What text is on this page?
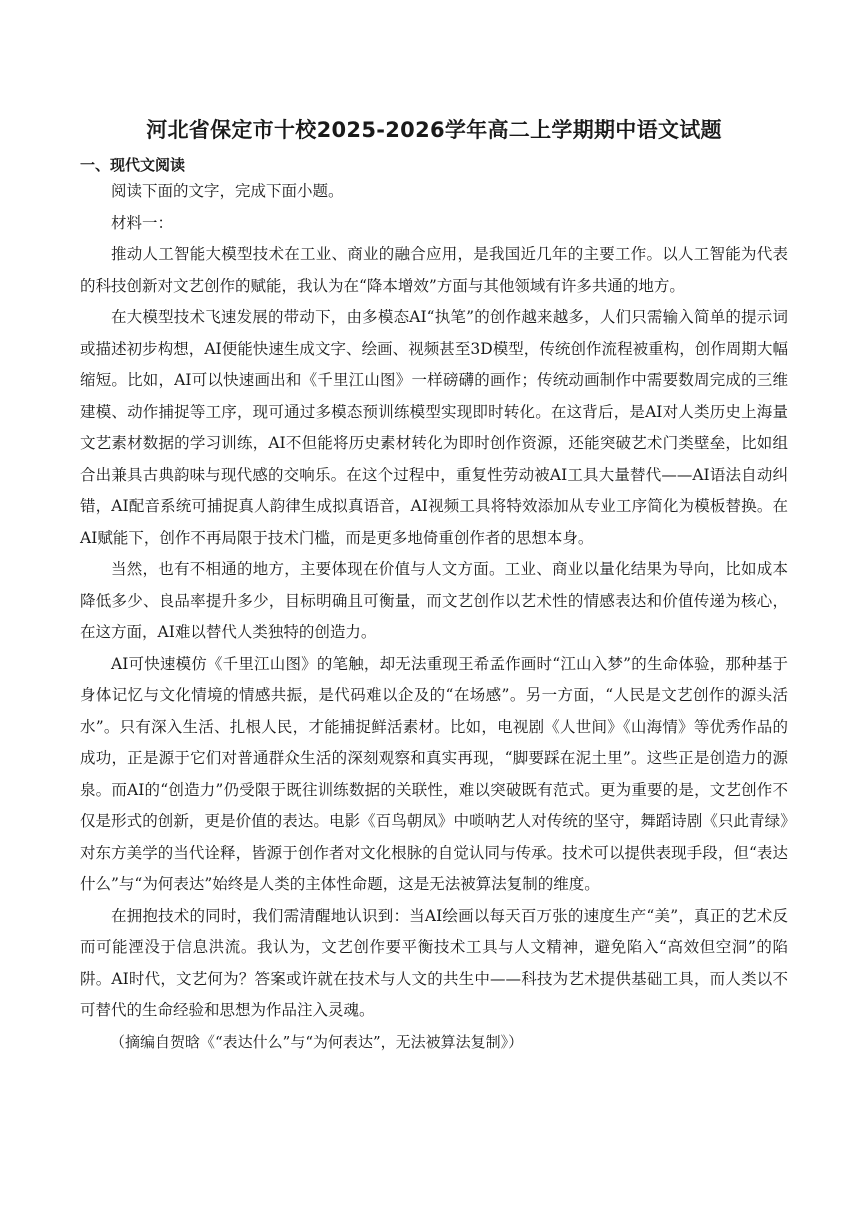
河北省保定市十校2025-2026学年高二上学期期中语文试题
一、现代文阅读

阅读下面的文字，完成下面小题。

材料一：

推动人工智能大模型技术在工业、商业的融合应用，是我国近几年的主要工作。以人工智能为代表的科技创新对文艺创作的赋能，我认为在“降本增效”方面与其他领域有许多共通的地方。

在大模型技术飞速发展的带动下，由多模态AI“执笔”的创作越来越多，人们只需输入简单的提示词或描述初步构想，AI便能快速生成文字、绘画、视频甚至3D模型，传统创作流程被重构，创作周期大幅缩短。比如，AI可以快速画出和《千里江山图》一样磅礴的画作；传统动画制作中需要数周完成的三维建模、动作捕捉等工序，现可通过多模态预训练模型实现即时转化。在这背后，是AI对人类历史上海量文艺素材数据的学习训练，AI不但能将历史素材转化为即时创作资源，还能突破艺术门类壁垒，比如组合出兼具古典韵味与现代感的交响乐。在这个过程中，重复性劳动被AI工具大量替代——AI语法自动纠错，AI配音系统可捕捉真人韵律生成拟真语音，AI视频工具将特效添加从专业工序简化为模板替换。在AI赋能下，创作不再局限于技术门槛，而是更多地倚重创作者的思想本身。

当然，也有不相通的地方，主要体现在价值与人文方面。工业、商业以量化结果为导向，比如成本降低多少、良品率提升多少，目标明确且可衡量，而文艺创作以艺术性的情感表达和价值传递为核心，在这方面，AI难以替代人类独特的创造力。

AI可快速模仿《千里江山图》的笔触，却无法重现王希孟作画时“江山入梦”的生命体验，那种基于身体记忆与文化情境的情感共振，是代码难以企及的“在场感”。另一方面，“人民是文艺创作的源头活水”。只有深入生活、扎根人民，才能捕捉鲜活素材。比如，电视剧《人世间》《山海情》等优秀作品的成功，正是源于它们对普通群众生活的深刻观察和真实再现，“脚要踩在泥土里”。这些正是创造力的源泉。而AI的“创造力”仍受限于既往训练数据的关联性，难以突破既有范式。更为重要的是，文艺创作不仅是形式的创新，更是价值的表达。电影《百鸟朝凤》中唢呐艺人对传统的坚守，舞蹈诗剧《只此青绿》对东方美学的当代诠释，皆源于创作者对文化根脉的自觉认同与传承。技术可以提供表现手段，但“表达什么”与“为何表达”始终是人类的主体性命题，这是无法被算法复制的维度。

在拥抱技术的同时，我们需清醒地认识到：当AI绘画以每天百万张的速度生产“美”，真正的艺术反而可能湮没于信息洪流。我认为，文艺创作要平衡技术工具与人文精神，避免陷入“高效但空洞”的陷阱。AI时代，文艺何为？答案或许就在技术与人文的共生中——科技为艺术提供基础工具，而人类以不可替代的生命经验和思想为作品注入灵魂。

（摘编自贺晗《“表达什么”与“为何表达”，无法被算法复制》）
